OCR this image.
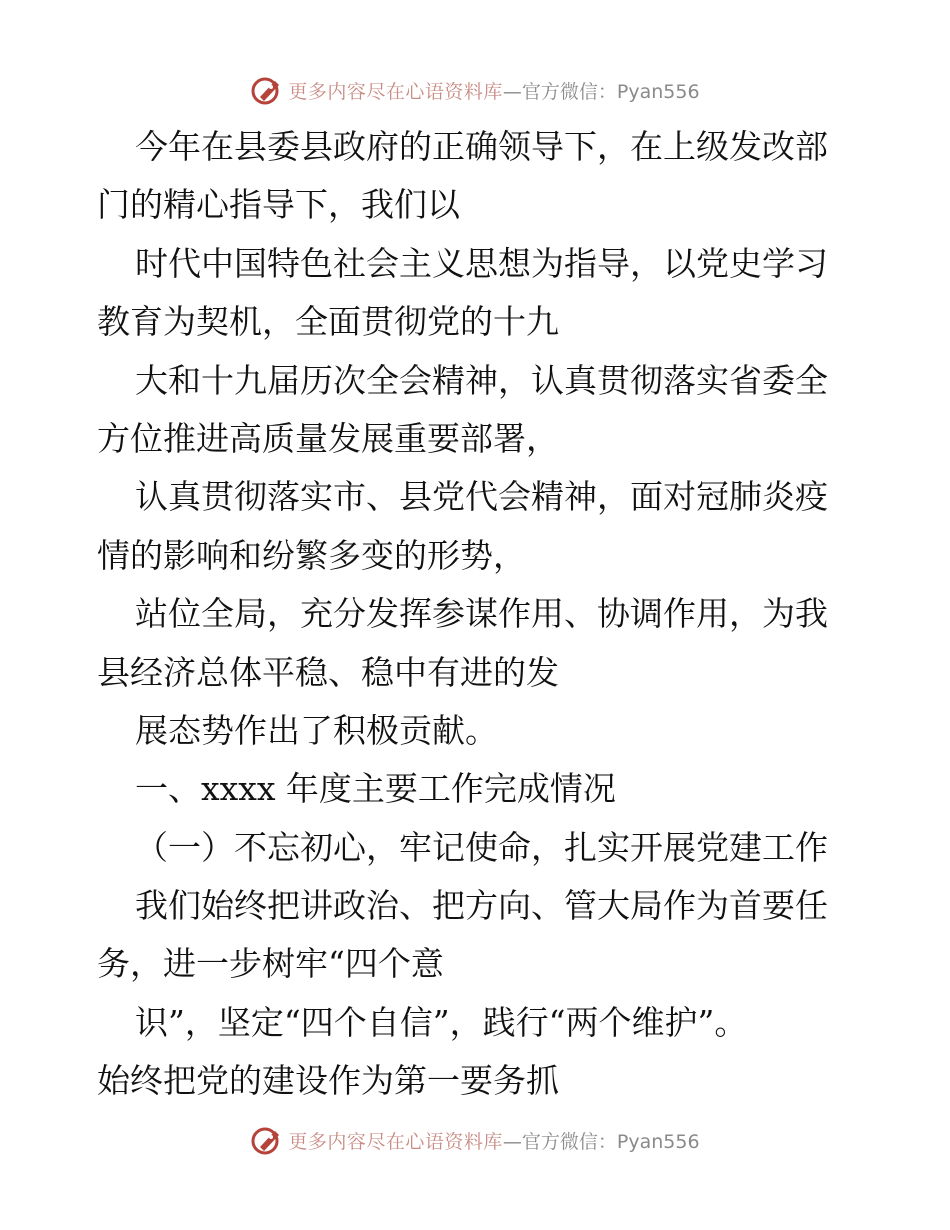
更多内容尽在心语资料库 —官方微信：Pyan556
今年在县委县政府的正确领导下，在上级发改部
门的精心指导下，我们以
时代中国特色社会主义思想为指导，以党史学习
教育为契机，全面贯彻党的十九
大和十九届历次全会精神，认真贯彻落实省委全
方位推进高质量发展重要部署，
认真贯彻落实市、县党代会精神，面对冠肺炎疫
情的影响和纷繁多变的形势，
站位全局，充分发挥参谋作用、协调作用，为我
县经济总体平稳、稳中有进的发
展态势作出了积极贡献。
一、xxxx 年度主要工作完成情况
（一）不忘初心，牢记使命，扎实开展党建工作
我们始终把讲政治、把方向、管大局作为首要任
务，进一步树牢“四个意
识”，坚定“四个自信”，践行“两个维护”。
始终把党的建设作为第一要务抓
更多内容尽在心语资料库 —官方微信：Pyan556
